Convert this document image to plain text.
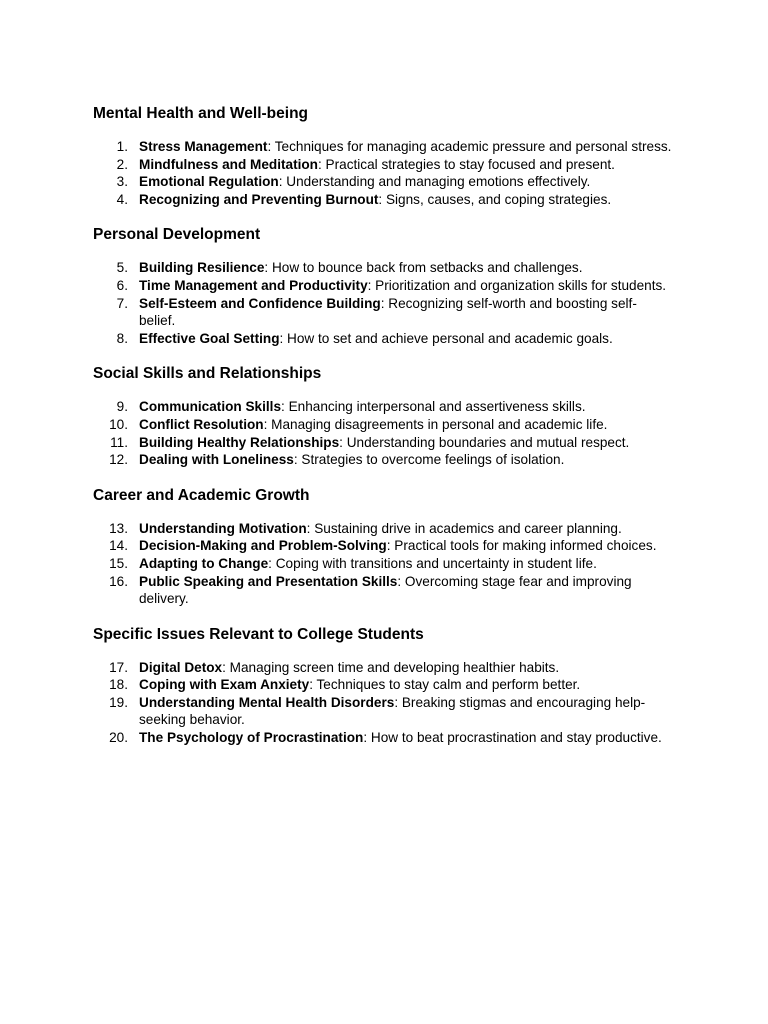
Mental Health and Well-being
1. Stress Management: Techniques for managing academic pressure and personal stress.
2. Mindfulness and Meditation: Practical strategies to stay focused and present.
3. Emotional Regulation: Understanding and managing emotions effectively.
4. Recognizing and Preventing Burnout: Signs, causes, and coping strategies.
Personal Development
5. Building Resilience: How to bounce back from setbacks and challenges.
6. Time Management and Productivity: Prioritization and organization skills for students.
7. Self-Esteem and Confidence Building: Recognizing self-worth and boosting self-belief.
8. Effective Goal Setting: How to set and achieve personal and academic goals.
Social Skills and Relationships
9. Communication Skills: Enhancing interpersonal and assertiveness skills.
10. Conflict Resolution: Managing disagreements in personal and academic life.
11. Building Healthy Relationships: Understanding boundaries and mutual respect.
12. Dealing with Loneliness: Strategies to overcome feelings of isolation.
Career and Academic Growth
13. Understanding Motivation: Sustaining drive in academics and career planning.
14. Decision-Making and Problem-Solving: Practical tools for making informed choices.
15. Adapting to Change: Coping with transitions and uncertainty in student life.
16. Public Speaking and Presentation Skills: Overcoming stage fear and improving delivery.
Specific Issues Relevant to College Students
17. Digital Detox: Managing screen time and developing healthier habits.
18. Coping with Exam Anxiety: Techniques to stay calm and perform better.
19. Understanding Mental Health Disorders: Breaking stigmas and encouraging help-seeking behavior.
20. The Psychology of Procrastination: How to beat procrastination and stay productive.
